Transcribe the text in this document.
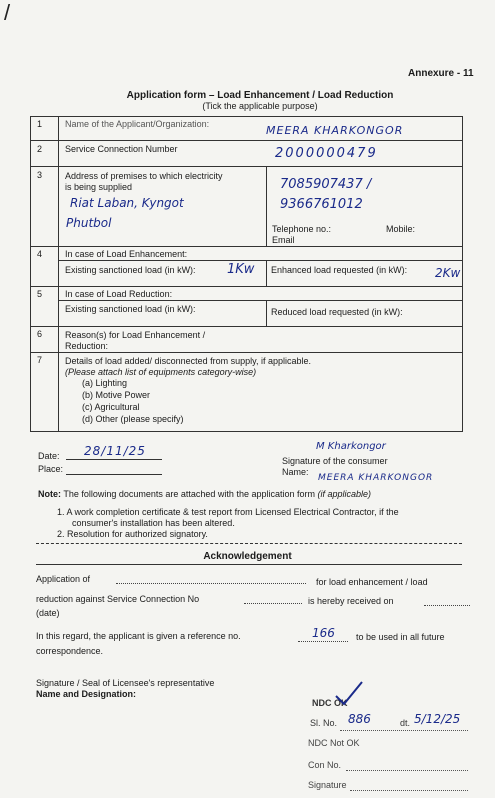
/
Annexure - 11
Application form – Load Enhancement / Load Reduction
(Tick the applicable purpose)
1	Name of the Applicant/Organization:	MEERA KHARKONGOR
2	Service Connection Number	2000000479
3	Address of premises to which electricity
is being supplied
Riat Laban, Kyngot
Phutbol
7085907437 /
9366761012
Telephone no.:	Mobile:
Email
4	In case of Load Enhancement:
Existing sanctioned load (in kW): 1Kw Enhanced load requested (in kW): 2Kw
5	In case of Load Reduction:
Existing sanctioned load (in kW):	Reduced load requested (in kW):
6	Reason(s) for Load Enhancement /
Reduction:
7	Details of load added/ disconnected from supply, if applicable.
(Please attach list of equipments category-wise)
(a) Lighting
(b) Motive Power
(c) Agricultural
(d) Other (please specify)
Date: 28/11/25
Place:
M Kharkongor
Signature of the consumer
Name:
MEERA KHARKONGOR
Note: The following documents are attached with the application form (if applicable)
1. A work completion certificate & test report from Licensed Electrical Contractor, if the
consumer's installation has been altered.
2. Resolution for authorized signatory.
Acknowledgement
Application of	for load enhancement / load
reduction against Service Connection No	is hereby received on
(date)
In this regard, the applicant is given a reference no.	166 to be used in all future
correspondence.
Signature / Seal of Licensee's representative
Name and Designation:
NDC OK
Sl. No. 886	dt. 5/12/25
NDC Not OK
Con No.
Signature
